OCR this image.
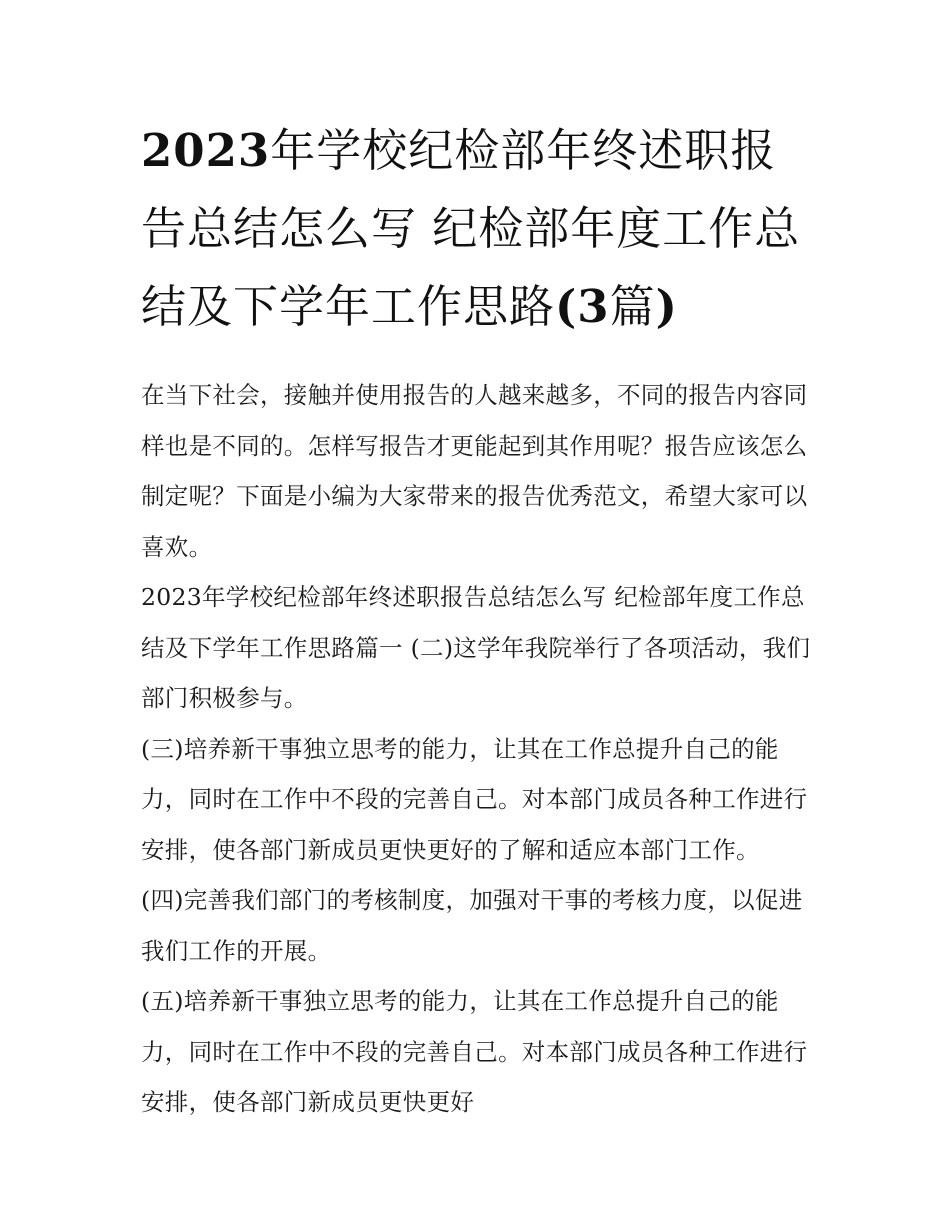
2023年学校纪检部年终述职报告总结怎么写 纪检部年度工作总结及下学年工作思路(3篇)

在当下社会，接触并使用报告的人越来越多，不同的报告内容同样也是不同的。怎样写报告才更能起到其作用呢？报告应该怎么制定呢？下面是小编为大家带来的报告优秀范文，希望大家可以喜欢。

2023年学校纪检部年终述职报告总结怎么写 纪检部年度工作总结及下学年工作思路篇一 (二)这学年我院举行了各项活动，我们部门积极参与。

(三)培养新干事独立思考的能力，让其在工作总提升自己的能力，同时在工作中不段的完善自己。对本部门成员各种工作进行安排，使各部门新成员更快更好的了解和适应本部门工作。

(四)完善我们部门的考核制度，加强对干事的考核力度，以促进我们工作的开展。

(五)培养新干事独立思考的能力，让其在工作总提升自己的能力，同时在工作中不段的完善自己。对本部门成员各种工作进行安排，使各部门新成员更快更好
